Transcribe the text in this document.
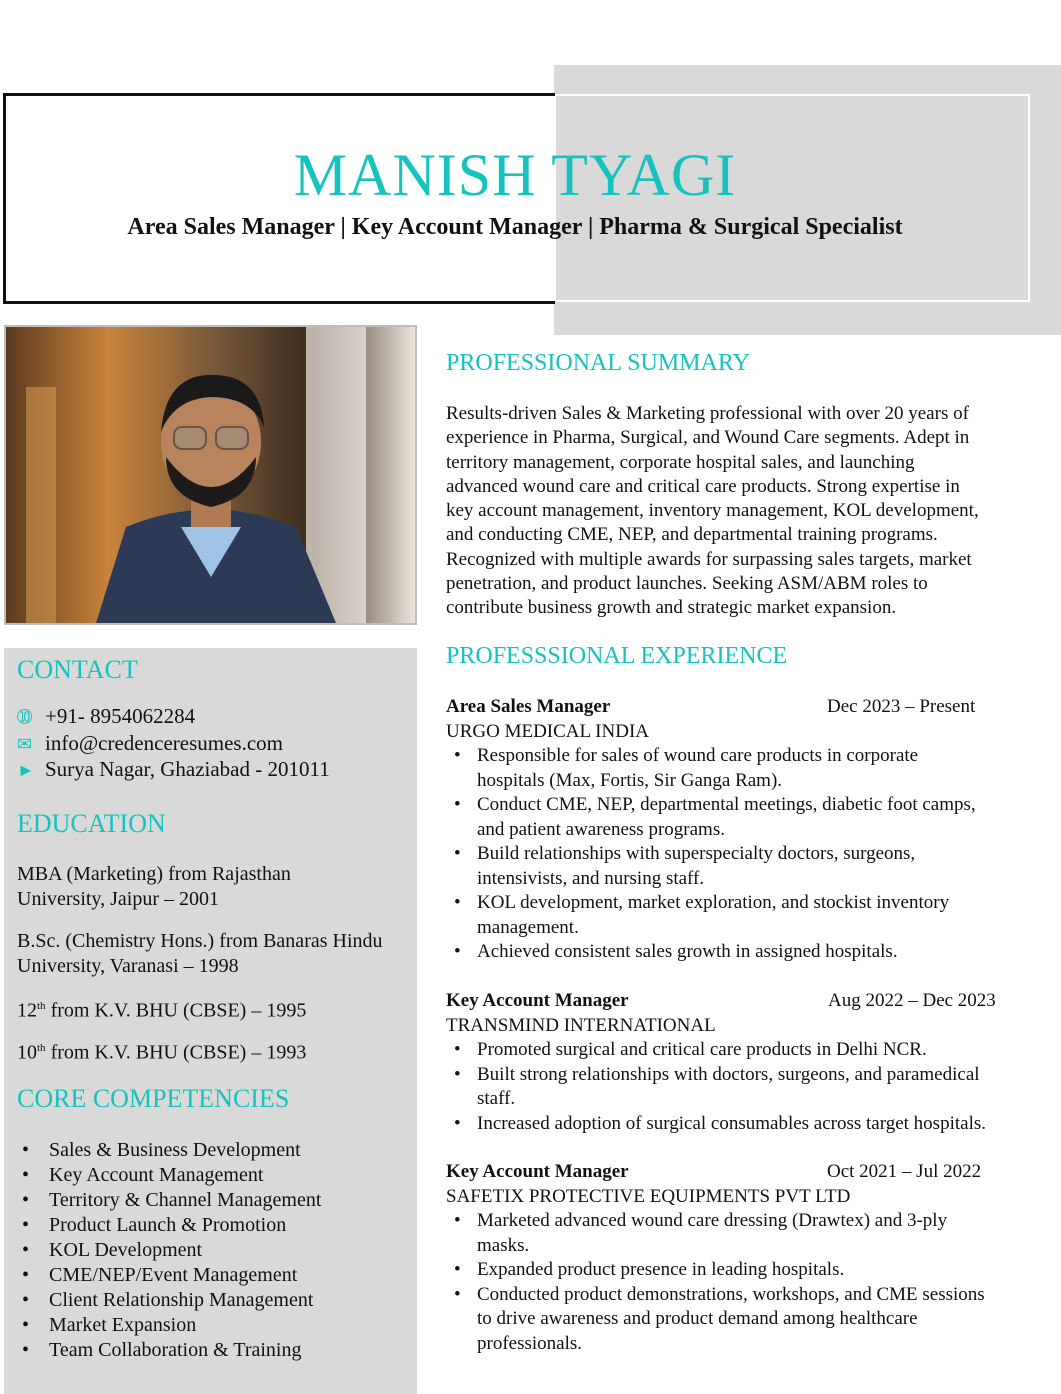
MANISH TYAGI
Area Sales Manager | Key Account Manager | Pharma & Surgical Specialist
CONTACT
➉ +91- 8954062284
✉ info@credenceresumes.com
► Surya Nagar, Ghaziabad - 201011
EDUCATION
MBA (Marketing) from Rajasthan University, Jaipur – 2001
B.Sc. (Chemistry Hons.) from Banaras Hindu University, Varanasi – 1998
12th from K.V. BHU (CBSE) – 1995
10th from K.V. BHU (CBSE) – 1993
CORE COMPETENCIES
• Sales & Business Development
• Key Account Management
• Territory & Channel Management
• Product Launch & Promotion
• KOL Development
• CME/NEP/Event Management
• Client Relationship Management
• Market Expansion
• Team Collaboration & Training
PROFESSIONAL SUMMARY
Results-driven Sales & Marketing professional with over 20 years of
experience in Pharma, Surgical, and Wound Care segments. Adept in
territory management, corporate hospital sales, and launching
advanced wound care and critical care products. Strong expertise in
key account management, inventory management, KOL development,
and conducting CME, NEP, and departmental training programs.
Recognized with multiple awards for surpassing sales targets, market
penetration, and product launches. Seeking ASM/ABM roles to
contribute business growth and strategic market expansion.
PROFESSSIONAL EXPERIENCE
Area Sales Manager	Dec 2023 – Present
URGO MEDICAL INDIA
• Responsible for sales of wound care products in corporate
hospitals (Max, Fortis, Sir Ganga Ram).
• Conduct CME, NEP, departmental meetings, diabetic foot camps,
and patient awareness programs.
• Build relationships with superspecialty doctors, surgeons,
intensivists, and nursing staff.
• KOL development, market exploration, and stockist inventory
management.
• Achieved consistent sales growth in assigned hospitals.
Key Account Manager	Aug 2022 – Dec 2023
TRANSMIND INTERNATIONAL
• Promoted surgical and critical care products in Delhi NCR.
• Built strong relationships with doctors, surgeons, and paramedical
staff.
• Increased adoption of surgical consumables across target hospitals.
Key Account Manager	Oct 2021 – Jul 2022
SAFETIX PROTECTIVE EQUIPMENTS PVT LTD
• Marketed advanced wound care dressing (Drawtex) and 3-ply
masks.
• Expanded product presence in leading hospitals.
• Conducted product demonstrations, workshops, and CME sessions
to drive awareness and product demand among healthcare
professionals.
